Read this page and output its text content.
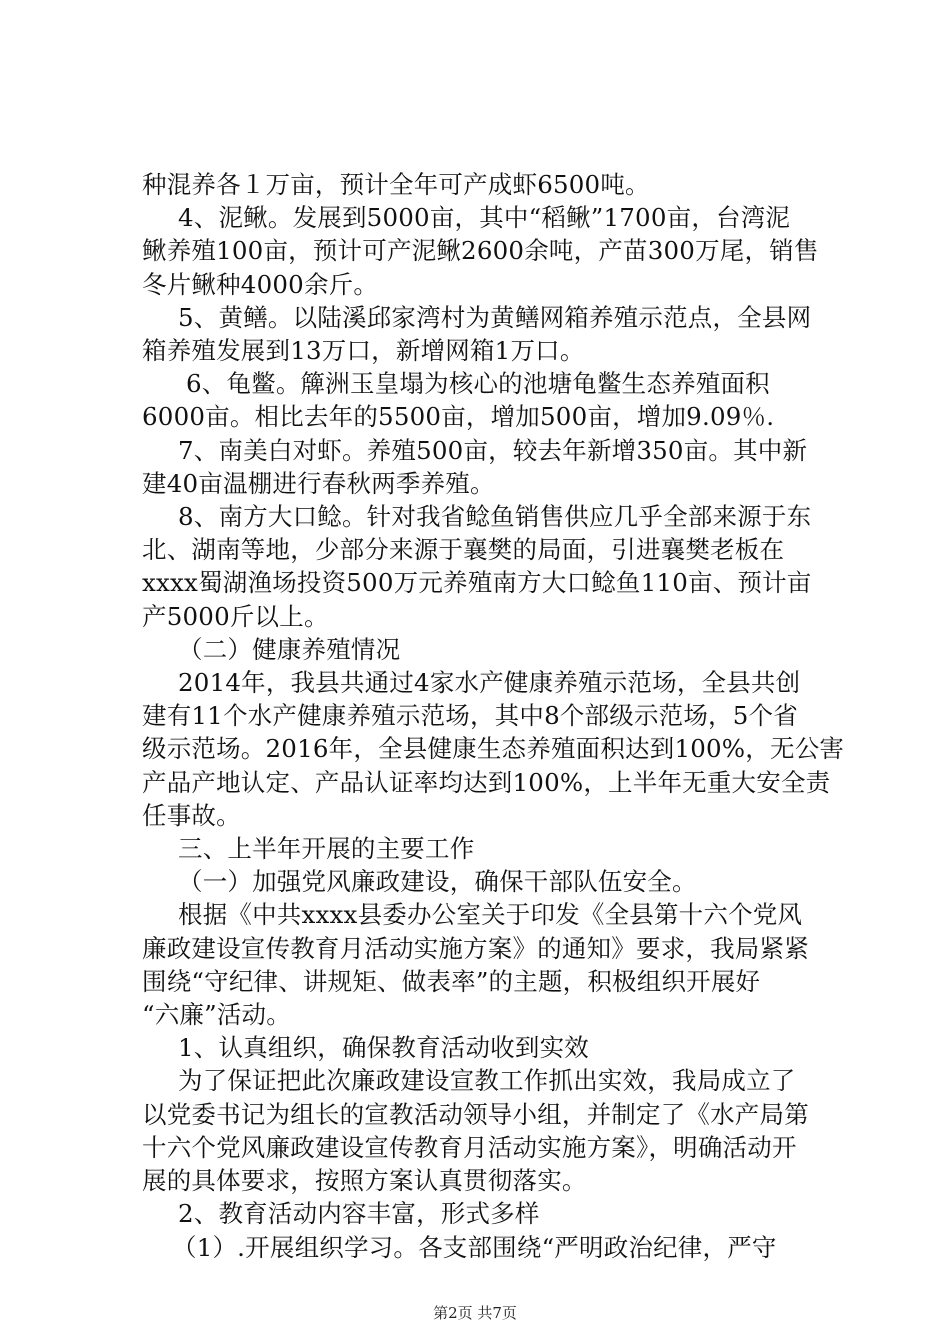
种混养各１万亩，预计全年可产成虾6500吨。
4、泥鳅。发展到5000亩，其中“稻鳅”1700亩，台湾泥
鳅养殖100亩，预计可产泥鳅2600余吨，产苗300万尾，销售
冬片鳅种4000余斤。
5、黄鳝。以陆溪邱家湾村为黄鳝网箱养殖示范点，全县网
箱养殖发展到13万口，新增网箱1万口。
6、龟鳖。簰洲玉皇塌为核心的池塘龟鳖生态养殖面积
6000亩。相比去年的5500亩，增加500亩，增加9.09％.
7、南美白对虾。养殖500亩，较去年新增350亩。其中新
建40亩温棚进行春秋两季养殖。
8、南方大口鲶。针对我省鲶鱼销售供应几乎全部来源于东
北、湖南等地，少部分来源于襄樊的局面，引进襄樊老板在
xxxx蜀湖渔场投资500万元养殖南方大口鲶鱼110亩、预计亩
产5000斤以上。
（二）健康养殖情况
2014年，我县共通过4家水产健康养殖示范场，全县共创
建有11个水产健康养殖示范场，其中8个部级示范场，5个省
级示范场。2016年，全县健康生态养殖面积达到100%，无公害
产品产地认定、产品认证率均达到100%，上半年无重大安全责
任事故。
三、上半年开展的主要工作
（一）加强党风廉政建设，确保干部队伍安全。
根据《中共xxxx县委办公室关于印发《全县第十六个党风
廉政建设宣传教育月活动实施方案》的通知》要求，我局紧紧
围绕“守纪律、讲规矩、做表率”的主题，积极组织开展好
“六廉”活动。
1、认真组织，确保教育活动收到实效
为了保证把此次廉政建设宣教工作抓出实效，我局成立了
以党委书记为组长的宣教活动领导小组，并制定了《水产局第
十六个党风廉政建设宣传教育月活动实施方案》，明确活动开
展的具体要求，按照方案认真贯彻落实。
2、教育活动内容丰富，形式多样
（1）.开展组织学习。各支部围绕“严明政治纪律，严守
第2页 共7页
